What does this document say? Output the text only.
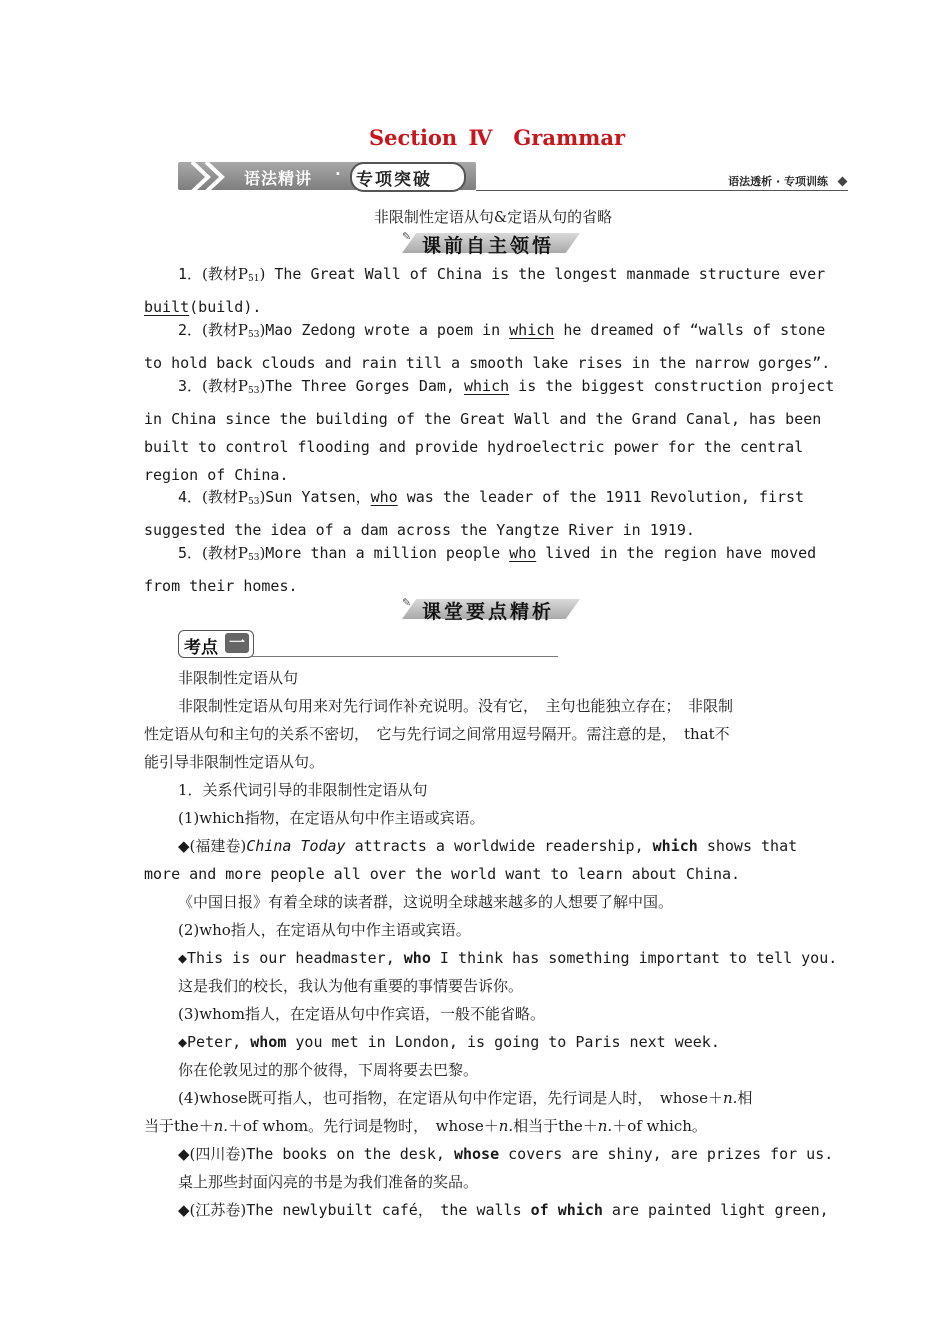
Section Ⅳ　Grammar
语法精讲 · 专项突破	语法透析 · 专项训练
非限制性定语从句&定语从句的省略
✎ 课前自主领悟
1．(教材$P_{51}$) The Great Wall of China is the longest manmade structure ever
built(build).
2．(教材$P_{53})Mao$ Zedong wrote a poem in which he dreamed of “walls of stone
to hold back clouds and rain till a smooth lake rises in the narrow gorges”.
3．(教材$P_{53})The$ Three Gorges Dam, which is the biggest construction project
in China since the building of the Great Wall and the Grand Canal, has been
built to control flooding and provide hydroelectric power for the central
region of China.
4．(教材$P_{53})Sun$ Yatsen，who was the leader of the 1911 Revolution, first
suggested the idea of a dam across the Yangtze River in 1919.
5．(教材$P_{53})More$ than a million people who lived in the region have moved
from their homes.
✎ 课堂要点精析
考点 一
非限制性定语从句
非限制性定语从句用来对先行词作补充说明。没有它，　主句也能独立存在；　非限制
性定语从句和主句的关系不密切，　它与先行词之间常用逗号隔开。需注意的是，　that不
能引导非限制性定语从句。
1．关系代词引导的非限制性定语从句
(1)which指物，在定语从句中作主语或宾语。
◆(福建卷)China Today attracts a worldwide readership, which shows that
more and more people all over the world want to learn about China.
《中国日报》有着全球的读者群，这说明全球越来越多的人想要了解中国。
(2)who指人，在定语从句中作主语或宾语。
◆This is our headmaster, who I think has something important to tell you.
这是我们的校长，我认为他有重要的事情要告诉你。
(3)whom指人，在定语从句中作宾语，一般不能省略。
◆Peter, whom you met in London, is going to Paris next week.
你在伦敦见过的那个彼得，下周将要去巴黎。
(4)whose既可指人，也可指物，在定语从句中作定语，先行词是人时，　whose＋n.相
当于the＋n.＋of whom。先行词是物时，　whose＋n.相当于the＋n.＋of which。
◆(四川卷)The books on the desk, whose covers are shiny, are prizes for us.
桌上那些封面闪亮的书是为我们准备的奖品。
◆(江苏卷)The newlybuilt café，　the walls of which are painted light green,
